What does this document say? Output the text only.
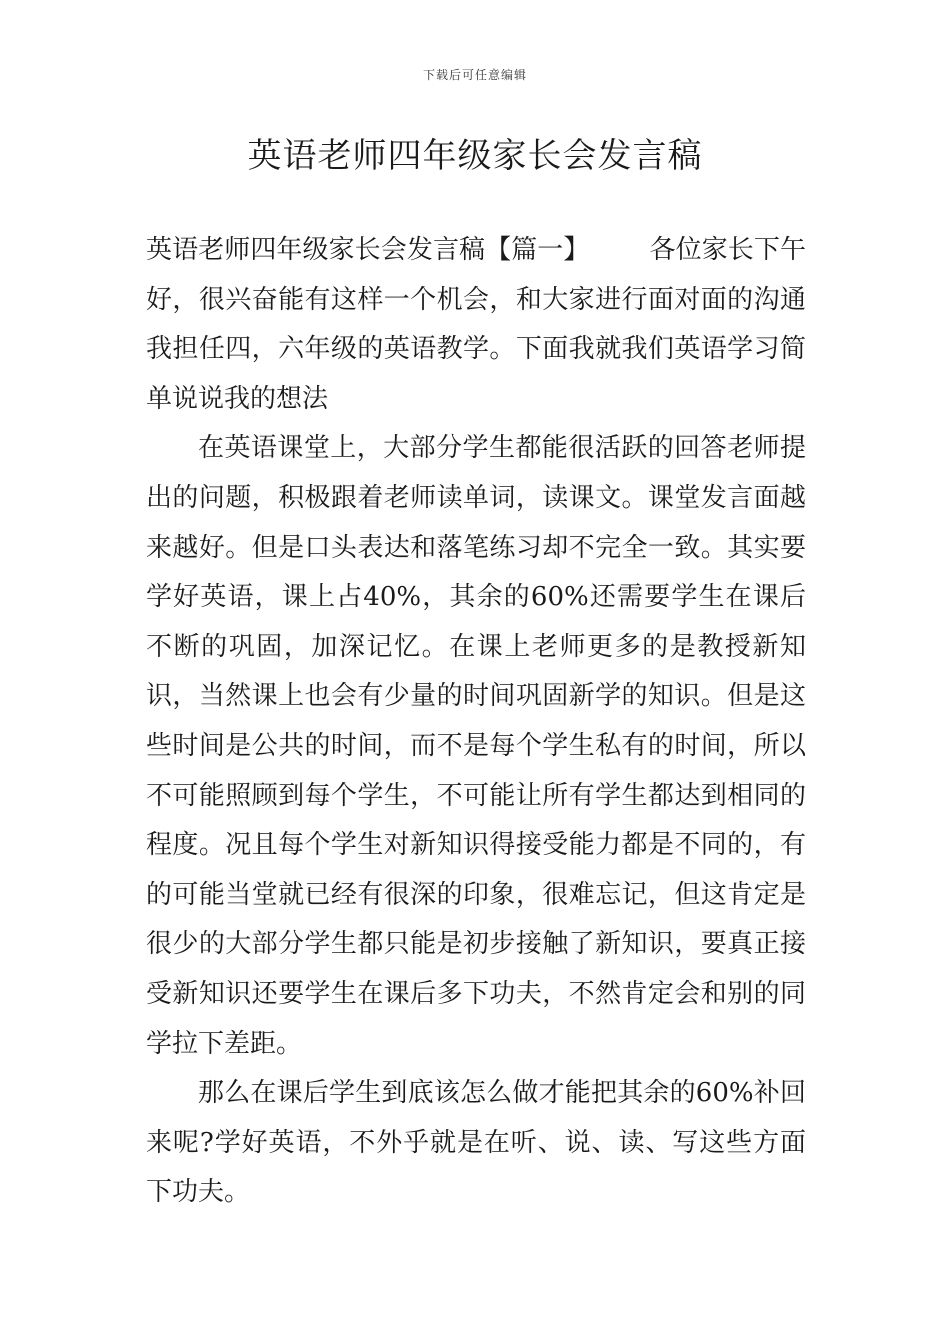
下载后可任意编辑
英语老师四年级家长会发言稿

英语老师四年级家长会发言稿【篇一】 各位家长下午好，很兴奋能有这样一个机会，和大家进行面对面的沟通我担任四，六年级的英语教学。下面我就我们英语学习简单说说我的想法

在英语课堂上，大部分学生都能很活跃的回答老师提出的问题，积极跟着老师读单词，读课文。课堂发言面越来越好。但是口头表达和落笔练习却不完全一致。其实要学好英语，课上占40%，其余的60%还需要学生在课后不断的巩固，加深记忆。在课上老师更多的是教授新知识，当然课上也会有少量的时间巩固新学的知识。但是这些时间是公共的时间，而不是每个学生私有的时间，所以不可能照顾到每个学生，不可能让所有学生都达到相同的程度。况且每个学生对新知识得接受能力都是不同的，有的可能当堂就已经有很深的印象，很难忘记，但这肯定是很少的大部分学生都只能是初步接触了新知识，要真正接受新知识还要学生在课后多下功夫，不然肯定会和别的同学拉下差距。

那么在课后学生到底该怎么做才能把其余的60%补回来呢?学好英语，不外乎就是在听、说、读、写这些方面下功夫。
